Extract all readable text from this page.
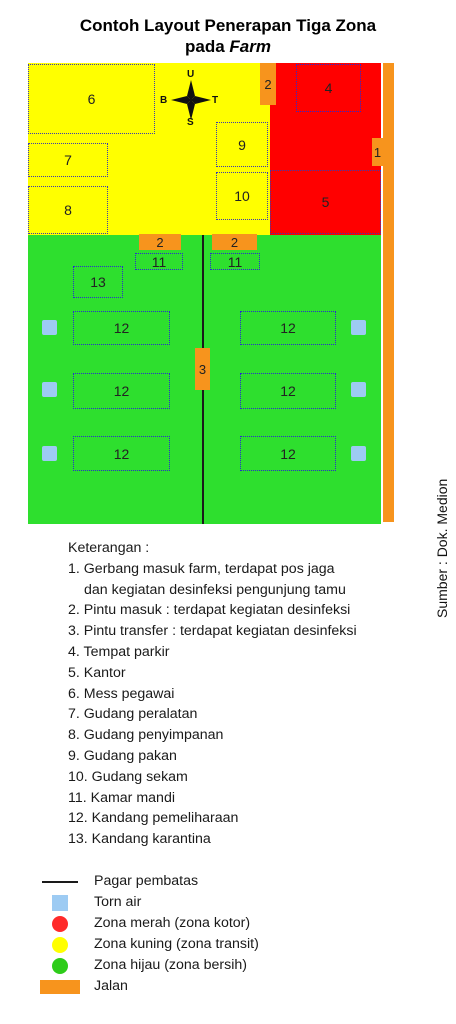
Contoh Layout Penerapan Tiga Zona
pada Farm
6
7
8
9
10
4
5
U
S
B	T
1
2
2	2
3
11	11
13
12
12
12
12
12
12
Sumber : Dok. Medion
Keterangan :
1. Gerbang masuk farm, terdapat pos jaga
dan kegiatan desinfeksi pengunjung tamu
2. Pintu masuk : terdapat kegiatan desinfeksi
3. Pintu transfer : terdapat kegiatan desinfeksi
4. Tempat parkir
5. Kantor
6. Mess pegawai
7. Gudang peralatan
8. Gudang penyimpanan
9. Gudang pakan
10. Gudang sekam
11. Kamar mandi
12. Kandang pemeliharaan
13. Kandang karantina
Pagar pembatas
Torn air
Zona merah (zona kotor)
Zona kuning (zona transit)
Zona hijau (zona bersih)
Jalan
